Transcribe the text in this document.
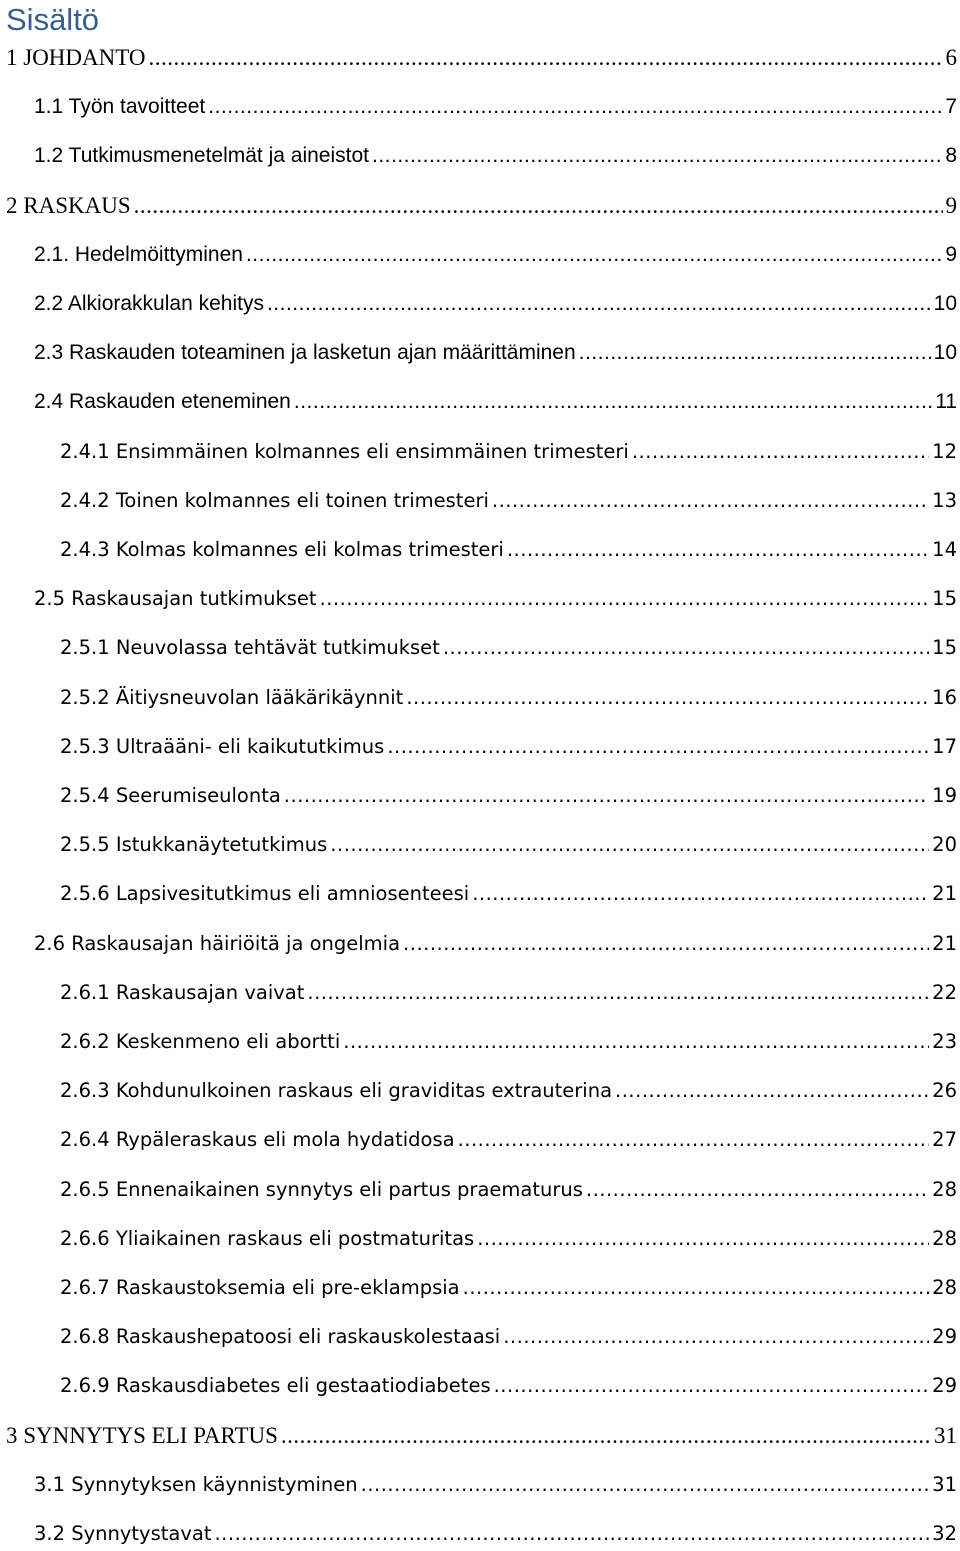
Sisältö
1 JOHDANTO .....	6
1.1 Työn tavoitteet .....	7
1.2 Tutkimusmenetelmät ja aineistot .....	8
2 RASKAUS .....	9
2.1. Hedelmöittyminen .....	9
2.2 Alkiorakkulan kehitys .....	10
2.3 Raskauden toteaminen ja lasketun ajan määrittäminen .....	10
2.4 Raskauden eteneminen .....	11
2.4.1 Ensimmäinen kolmannes eli ensimmäinen trimesteri .....	12
2.4.2 Toinen kolmannes eli toinen trimesteri .....	13
2.4.3 Kolmas kolmannes eli kolmas trimesteri .....	14
2.5 Raskausajan tutkimukset .....	15
2.5.1 Neuvolassa tehtävät tutkimukset .....	15
2.5.2 Äitiysneuvolan lääkärikäynnit .....	16
2.5.3 Ultraääni- eli kaikututkimus .....	17
2.5.4 Seerumiseulonta .....	19
2.5.5 Istukkanäytetutkimus .....	20
2.5.6 Lapsivesitutkimus eli amniosenteesi .....	21
2.6 Raskausajan häiriöitä ja ongelmia .....	21
2.6.1 Raskausajan vaivat .....	22
2.6.2 Keskenmeno eli abortti .....	23
2.6.3 Kohdunulkoinen raskaus eli graviditas extrauterina .....	26
2.6.4 Rypäleraskaus eli mola hydatidosa .....	27
2.6.5 Ennenaikainen synnytys eli partus praematurus .....	28
2.6.6 Yliaikainen raskaus eli postmaturitas .....	28
2.6.7 Raskaustoksemia eli pre-eklampsia .....	28
2.6.8 Raskaushepatoosi eli raskauskolestaasi .....	29
2.6.9 Raskausdiabetes eli gestaatiodiabetes .....	29
3 SYNNYTYS ELI PARTUS .....	31
3.1 Synnytyksen käynnistyminen .....	31
3.2 Synnytystavat .....	32
